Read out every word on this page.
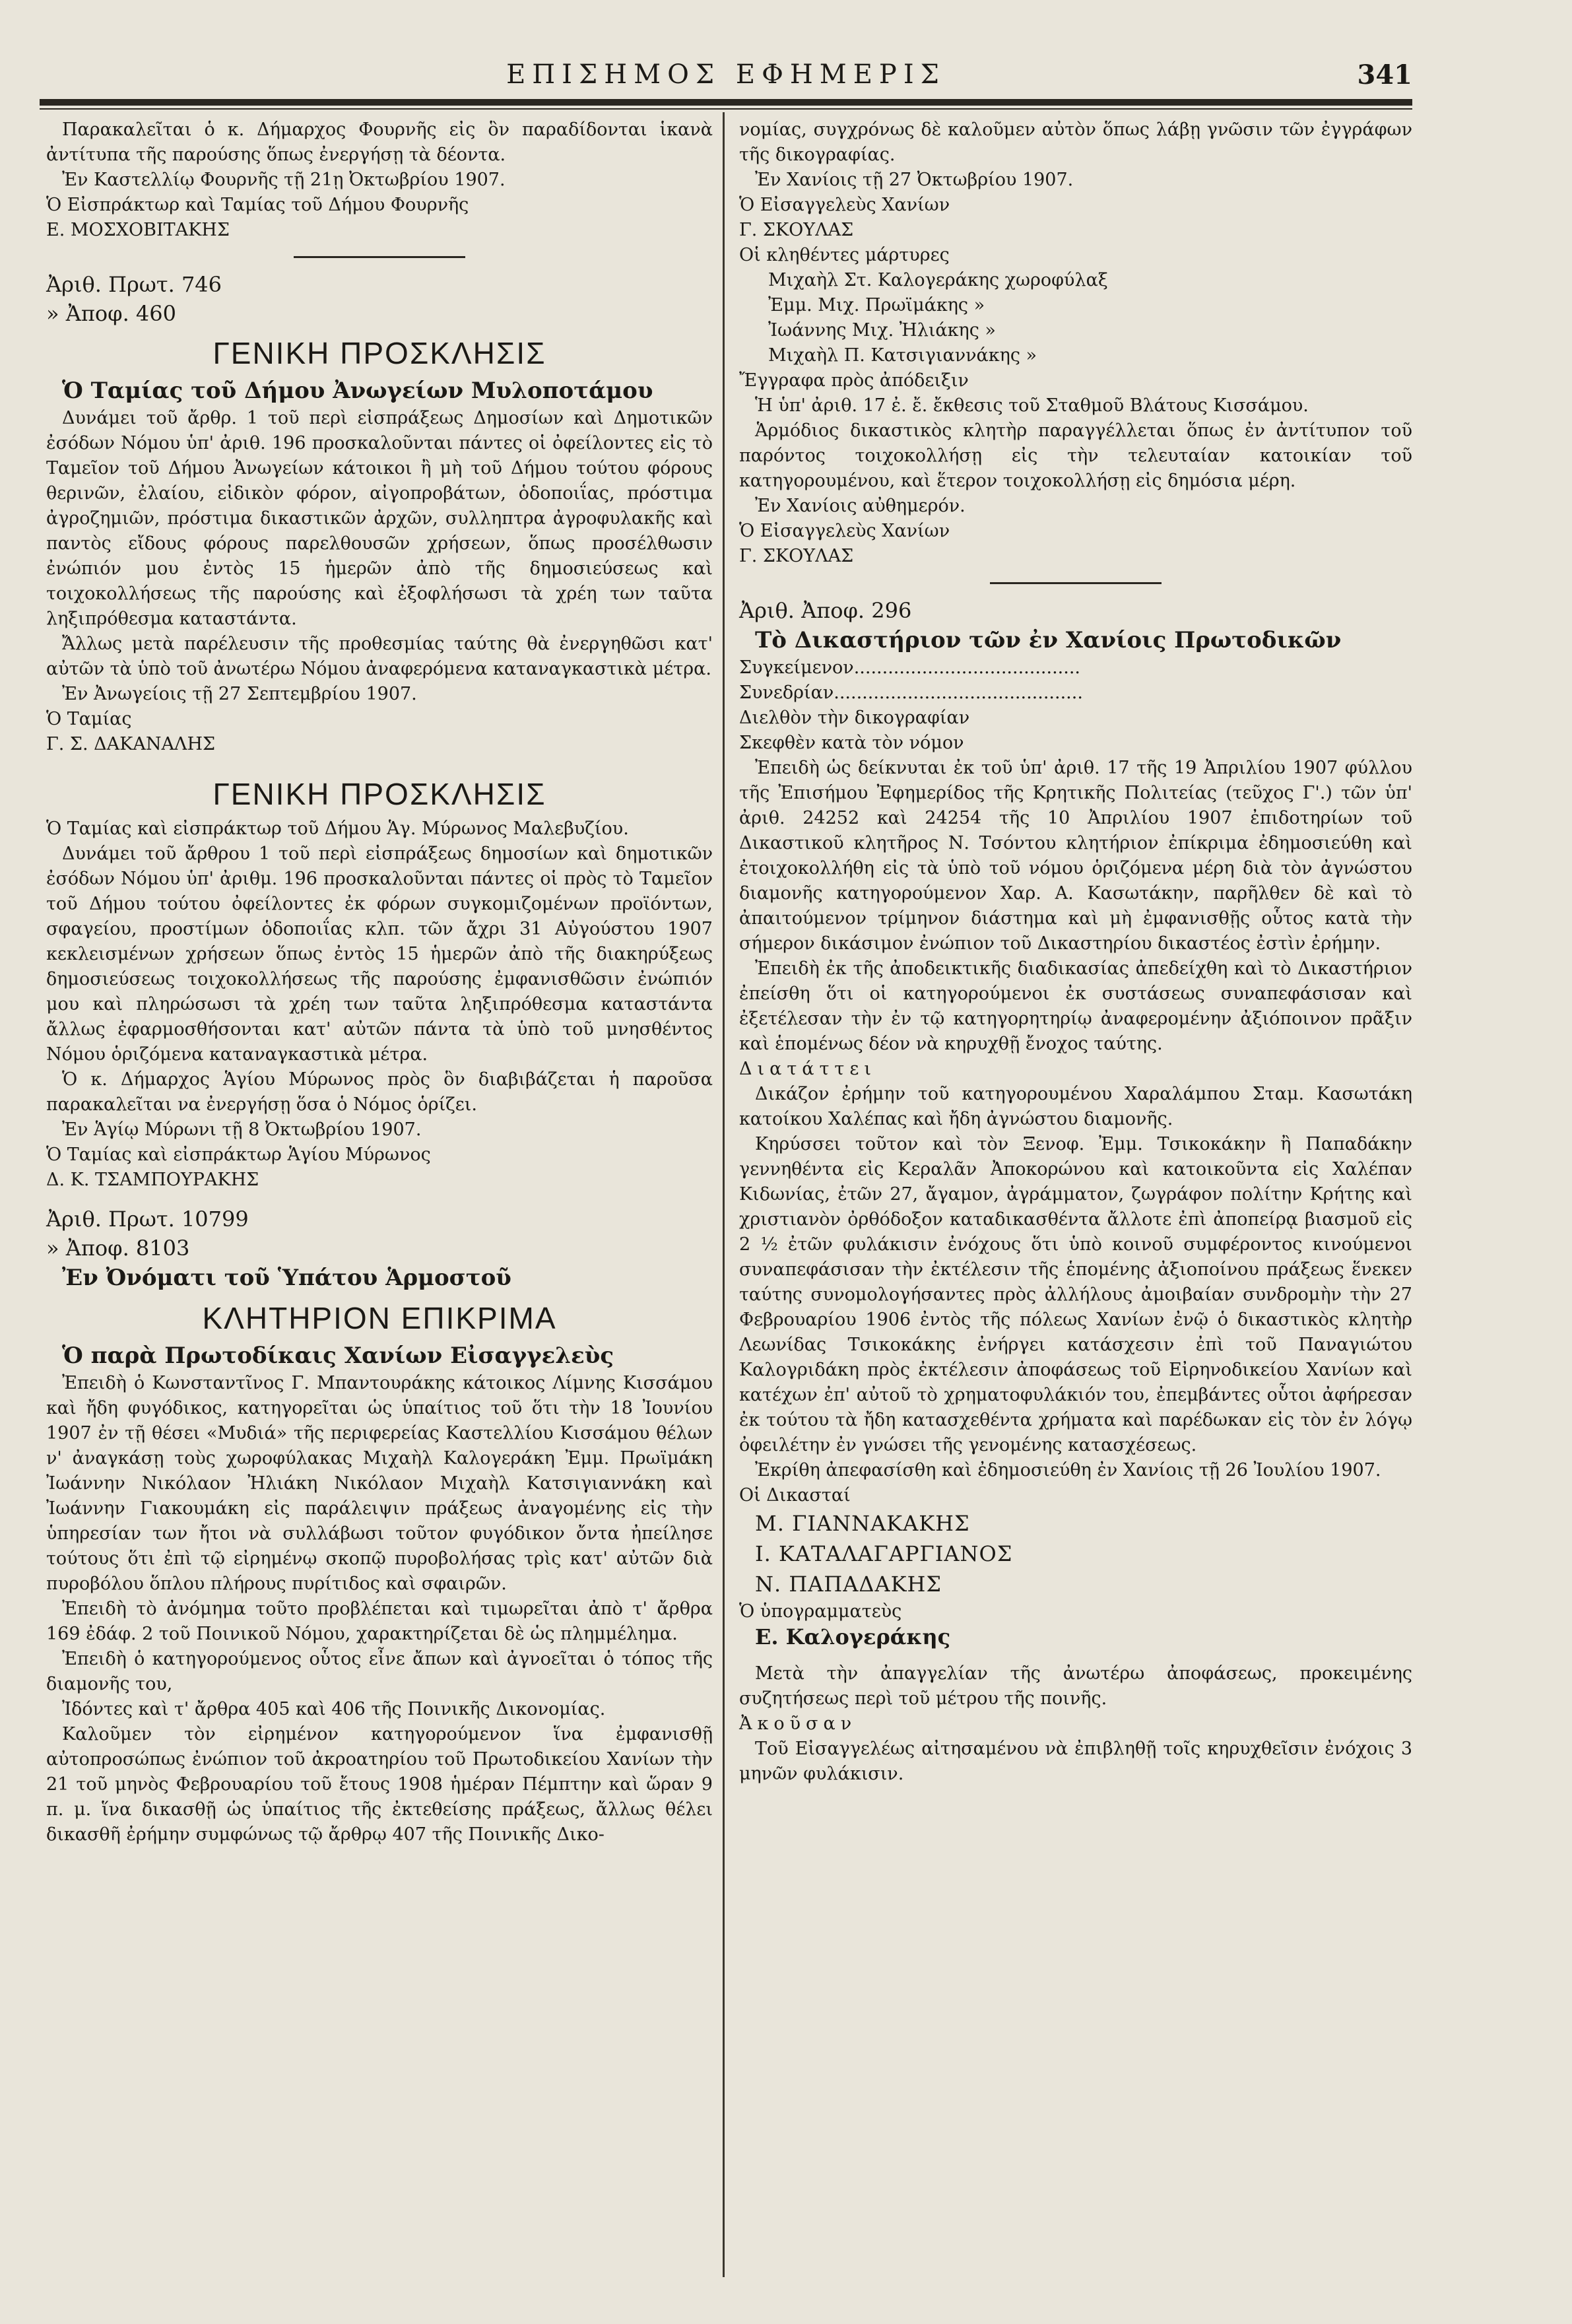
ΕΠΙΣΗΜΟΣ ΕΦΗΜΕΡΙΣ	341

Παρακαλεῖται ὁ κ. Δήμαρχος Φουρνῆς εἰς ὃν παραδίδονται ἱκανὰ ἀντίτυπα τῆς παρούσης ὅπως ἐνεργήσῃ τὰ δέοντα.

Ἐν Καστελλίῳ Φουρνῆς τῇ 21ῃ Ὀκτωβρίου 1907.

Ὁ Εἰσπράκτωρ καὶ Ταμίας τοῦ Δήμου Φουρνῆς

Ε. ΜΟΣΧΟΒΙΤΑΚΗΣ

Ἀριθ. Πρωτ. 746

» Ἀποφ. 460

ΓΕΝΙΚΗ ΠΡΟΣΚΛΗΣΙΣ

Ὁ Ταμίας τοῦ Δήμου Ἀνωγείων Μυλοποτάμου

Δυνάμει τοῦ ἄρθρ. 1 τοῦ περὶ εἰσπράξεως Δημοσίων καὶ Δημοτικῶν ἐσόδων Νόμου ὑπ' ἀριθ. 196 προσκαλοῦνται πάντες οἱ ὀφείλοντες εἰς τὸ Ταμεῖον τοῦ Δήμου Ἀνωγείων κάτοικοι ἢ μὴ τοῦ Δήμου τούτου φόρους θερινῶν, ἐλαίου, εἰδικὸν φόρον, αἰγοπροβάτων, ὁδοποιΐας, πρόστιμα ἀγροζημιῶν, πρόστιμα δικαστικῶν ἀρχῶν, συλληπτρα ἀγροφυλακῆς καὶ παντὸς εἴδους φόρους παρελθουσῶν χρήσεων, ὅπως προσέλθωσιν ἐνώπιόν μου ἐντὸς 15 ἡμερῶν ἀπὸ τῆς δημοσιεύσεως καὶ τοιχοκολλήσεως τῆς παρούσης καὶ ἐξοφλήσωσι τὰ χρέη των ταῦτα ληξιπρόθεσμα καταστάντα.

Ἄλλως μετὰ παρέλευσιν τῆς προθεσμίας ταύτης θὰ ἐνεργηθῶσι κατ' αὐτῶν τὰ ὑπὸ τοῦ ἀνωτέρω Νόμου ἀναφερόμενα καταναγκαστικὰ μέτρα.

Ἐν Ἀνωγείοις τῇ 27 Σεπτεμβρίου 1907.

Ὁ Ταμίας

Γ. Σ. ΔΑΚΑΝΑΛΗΣ

ΓΕΝΙΚΗ ΠΡΟΣΚΛΗΣΙΣ

Ὁ Ταμίας καὶ εἰσπράκτωρ τοῦ Δήμου Ἁγ. Μύρωνος Μαλεβυζίου.

Δυνάμει τοῦ ἄρθρου 1 τοῦ περὶ εἰσπράξεως δημοσίων καὶ δημοτικῶν ἐσόδων Νόμου ὑπ' ἀριθμ. 196 προσκαλοῦνται πάντες οἱ πρὸς τὸ Ταμεῖον τοῦ Δήμου τούτου ὀφείλοντες ἐκ φόρων συγκομιζομένων προϊόντων, σφαγείου, προστίμων ὁδοποιΐας κλπ. τῶν ἄχρι 31 Αὐγούστου 1907 κεκλεισμένων χρήσεων ὅπως ἐντὸς 15 ἡμερῶν ἀπὸ τῆς διακηρύξεως δημοσιεύσεως τοιχοκολλήσεως τῆς παρούσης ἐμφανισθῶσιν ἐνώπιόν μου καὶ πληρώσωσι τὰ χρέη των ταῦτα ληξιπρόθεσμα καταστάντα ἄλλως ἐφαρμοσθήσονται κατ' αὐτῶν πάντα τὰ ὑπὸ τοῦ μνησθέντος Νόμου ὁριζόμενα καταναγκαστικὰ μέτρα.

Ὁ κ. Δήμαρχος Ἁγίου Μύρωνος πρὸς ὃν διαβιβάζεται ἡ παροῦσα παρακαλεῖται να ἐνεργήσῃ ὅσα ὁ Νόμος ὁρίζει.

Ἐν Ἁγίῳ Μύρωνι τῇ 8 Ὀκτωβρίου 1907.

Ὁ Ταμίας καὶ εἰσπράκτωρ Ἁγίου Μύρωνος

Δ. Κ. ΤΣΑΜΠΟΥΡΑΚΗΣ

Ἀριθ. Πρωτ. 10799

» Ἀποφ. 8103

Ἐν Ὀνόματι τοῦ Ὑπάτου Ἁρμοστοῦ

ΚΛΗΤΗΡΙΟΝ ΕΠΙΚΡΙΜΑ

Ὁ παρὰ Πρωτοδίκαις Χανίων Εἰσαγγελεὺς

Ἐπειδὴ ὁ Κωνσταντῖνος Γ. Μπαντουράκης κάτοικος Λίμνης Κισσάμου καὶ ἤδη φυγόδικος, κατηγορεῖται ὡς ὑπαίτιος τοῦ ὅτι τὴν 18 Ἰουνίου 1907 ἐν τῇ θέσει «Μυδιά» τῆς περιφερείας Καστελλίου Κισσάμου θέλων ν' ἀναγκάσῃ τοὺς χωροφύλακας Μιχαὴλ Καλογεράκη Ἐμμ. Πρωϊμάκη Ἰωάννην Νικόλαον Ἠλιάκη Νικόλαον Μιχαὴλ Κατσιγιαννάκη καὶ Ἰωάννην Γιακουμάκη εἰς παράλειψιν πράξεως ἀναγομένης εἰς τὴν ὑπηρεσίαν των ἤτοι νὰ συλλάβωσι τοῦτον φυγόδικον ὄντα ἠπείλησε τούτους ὅτι ἐπὶ τῷ εἰρημένῳ σκοπῷ πυροβολήσας τρὶς κατ' αὐτῶν διὰ πυροβόλου ὅπλου πλήρους πυρίτιδος καὶ σφαιρῶν.

Ἐπειδὴ τὸ ἀνόμημα τοῦτο προβλέπεται καὶ τιμωρεῖται ἀπὸ τ' ἄρθρα 169 ἐδάφ. 2 τοῦ Ποινικοῦ Νόμου, χαρακτηρίζεται δὲ ὡς πλημμέλημα.

Ἐπειδὴ ὁ κατηγορούμενος οὗτος εἶνε ἄπων καὶ ἀγνοεῖται ὁ τόπος τῆς διαμονῆς του,

Ἰδόντες καὶ τ' ἄρθρα 405 καὶ 406 τῆς Ποινικῆς Δικονομίας.

Καλοῦμεν τὸν εἰρημένον κατηγορούμενον ἵνα ἐμφανισθῇ αὐτοπροσώπως ἐνώπιον τοῦ ἀκροατηρίου τοῦ Πρωτοδικείου Χανίων τὴν 21 τοῦ μηνὸς Φεβρουαρίου τοῦ ἔτους 1908 ἡμέραν Πέμπτην καὶ ὥραν 9 π. μ. ἵνα δικασθῇ ὡς ὑπαίτιος τῆς ἐκτεθείσης πράξεως, ἄλλως θέλει δικασθῆ ἐρήμην συμφώνως τῷ ἄρθρῳ 407 τῆς Ποινικῆς Δικο-

νομίας, συγχρόνως δὲ καλοῦμεν αὐτὸν ὅπως λάβῃ γνῶσιν τῶν ἐγγράφων τῆς δικογραφίας.

Ἐν Χανίοις τῇ 27 Ὀκτωβρίου 1907.

Ὁ Εἰσαγγελεὺς Χανίων

Γ. ΣΚΟΥΛΑΣ

Οἱ κληθέντες μάρτυρες

Μιχαὴλ Στ. Καλογεράκης χωροφύλαξ

Ἐμμ. Μιχ. Πρωϊμάκης »

Ἰωάννης Μιχ. Ἠλιάκης »

Μιχαὴλ Π. Κατσιγιαννάκης »

Ἔγγραφα πρὸς ἀπόδειξιν

Ἡ ὑπ' ἀριθ. 17 ἐ. ἔ. ἔκθεσις τοῦ Σταθμοῦ Βλάτους Κισσάμου.

Ἁρμόδιος δικαστικὸς κλητὴρ παραγγέλλεται ὅπως ἐν ἀντίτυπον τοῦ παρόντος τοιχοκολλήσῃ εἰς τὴν τελευταίαν κατοικίαν τοῦ κατηγορουμένου, καὶ ἕτερον τοιχοκολλήσῃ εἰς δημόσια μέρη.

Ἐν Χανίοις αὐθημερόν.

Ὁ Εἰσαγγελεὺς Χανίων

Γ. ΣΚΟΥΛΑΣ

Ἀριθ. Ἀποφ. 296

Τὸ Δικαστήριον τῶν ἐν Χανίοις Πρωτοδικῶν

Συγκείμενον........................................

Συνεδρίαν............................................

Διελθὸν τὴν δικογραφίαν

Σκεφθὲν κατὰ τὸν νόμον

Ἐπειδὴ ὡς δείκνυται ἐκ τοῦ ὑπ' ἀριθ. 17 τῆς 19 Ἀπριλίου 1907 φύλλου τῆς Ἐπισήμου Ἐφημερίδος τῆς Κρητικῆς Πολιτείας (τεῦχος Γ'.) τῶν ὑπ' ἀριθ. 24252 καὶ 24254 τῆς 10 Ἀπριλίου 1907 ἐπιδοτηρίων τοῦ Δικαστικοῦ κλητῆρος Ν. Τσόντου κλητήριον ἐπίκριμα ἐδημοσιεύθη καὶ ἐτοιχοκολλήθη εἰς τὰ ὑπὸ τοῦ νόμου ὁριζόμενα μέρη διὰ τὸν ἀγνώστου διαμονῆς κατηγορούμενον Χαρ. Α. Κασωτάκην, παρῆλθεν δὲ καὶ τὸ ἀπαιτούμενον τρίμηνον διάστημα καὶ μὴ ἐμφανισθῇς οὗτος κατὰ τὴν σήμερον δικάσιμον ἐνώπιον τοῦ Δικαστηρίου δικαστέος ἐστὶν ἐρήμην.

Ἐπειδὴ ἐκ τῆς ἀποδεικτικῆς διαδικασίας ἀπεδείχθη καὶ τὸ Δικαστήριον ἐπείσθη ὅτι οἱ κατηγορούμενοι ἐκ συστάσεως συναπεφάσισαν καὶ ἐξετέλεσαν τὴν ἐν τῷ κατηγορητηρίῳ ἀναφερομένην ἀξιόποινον πρᾶξιν καὶ ἑπομένως δέον νὰ κηρυχθῇ ἔνοχος ταύτης.

Διατάττει

Δικάζον ἐρήμην τοῦ κατηγορουμένου Χαραλάμπου Σταμ. Κασωτάκη κατοίκου Χαλέπας καὶ ἤδη ἀγνώστου διαμονῆς.

Κηρύσσει τοῦτον καὶ τὸν Ξενοφ. Ἐμμ. Τσικοκάκην ἢ Παπαδάκην γεννηθέντα εἰς Κεραλᾶν Ἀποκορώνου καὶ κατοικοῦντα εἰς Χαλέπαν Κιδωνίας, ἐτῶν 27, ἄγαμον, ἀγράμματον, ζωγράφον πολίτην Κρήτης καὶ χριστιανὸν ὀρθόδοξον καταδικασθέντα ἄλλοτε ἐπὶ ἀποπείρᾳ βιασμοῦ εἰς 2 ½ ἐτῶν φυλάκισιν ἐνόχους ὅτι ὑπὸ κοινοῦ συμφέροντος κινούμενοι συναπεφάσισαν τὴν ἐκτέλεσιν τῆς ἑπομένης ἀξιοποίνου πράξεως ἕνεκεν ταύτης συνομολογήσαντες πρὸς ἀλλήλους ἀμοιβαίαν συνδρομὴν τὴν 27 Φεβρουαρίου 1906 ἐντὸς τῆς πόλεως Χανίων ἐνῷ ὁ δικαστικὸς κλητὴρ Λεωνίδας Τσικοκάκης ἐνήργει κατάσχεσιν ἐπὶ τοῦ Παναγιώτου Καλογριδάκη πρὸς ἐκτέλεσιν ἀποφάσεως τοῦ Εἰρηνοδικείου Χανίων καὶ κατέχων ἐπ' αὐτοῦ τὸ χρηματοφυλάκιόν του, ἐπεμβάντες οὗτοι ἀφήρεσαν ἐκ τούτου τὰ ἤδη κατασχεθέντα χρήματα καὶ παρέδωκαν εἰς τὸν ἐν λόγῳ ὀφειλέτην ἐν γνώσει τῆς γενομένης κατασχέσεως.

Ἐκρίθη ἀπεφασίσθη καὶ ἐδημοσιεύθη ἐν Χανίοις τῇ 26 Ἰουλίου 1907.

Οἱ Δικασταί

Μ. ΓΙΑΝΝΑΚΑΚΗΣ

Ι. ΚΑΤΑΛΑΓΑΡΓΙΑΝΟΣ

Ν. ΠΑΠΑΔΑΚΗΣ

Ὁ ὑπογραμματεὺς

Ε. Καλογεράκης

Μετὰ τὴν ἀπαγγελίαν τῆς ἀνωτέρω ἀποφάσεως, προκειμένης συζητήσεως περὶ τοῦ μέτρου τῆς ποινῆς.

Ἀκοῦσαν

Τοῦ Εἰσαγγελέως αἰτησαμένου νὰ ἐπιβληθῇ τοῖς κηρυχθεῖσιν ἐνόχοις 3 μηνῶν φυλάκισιν.
